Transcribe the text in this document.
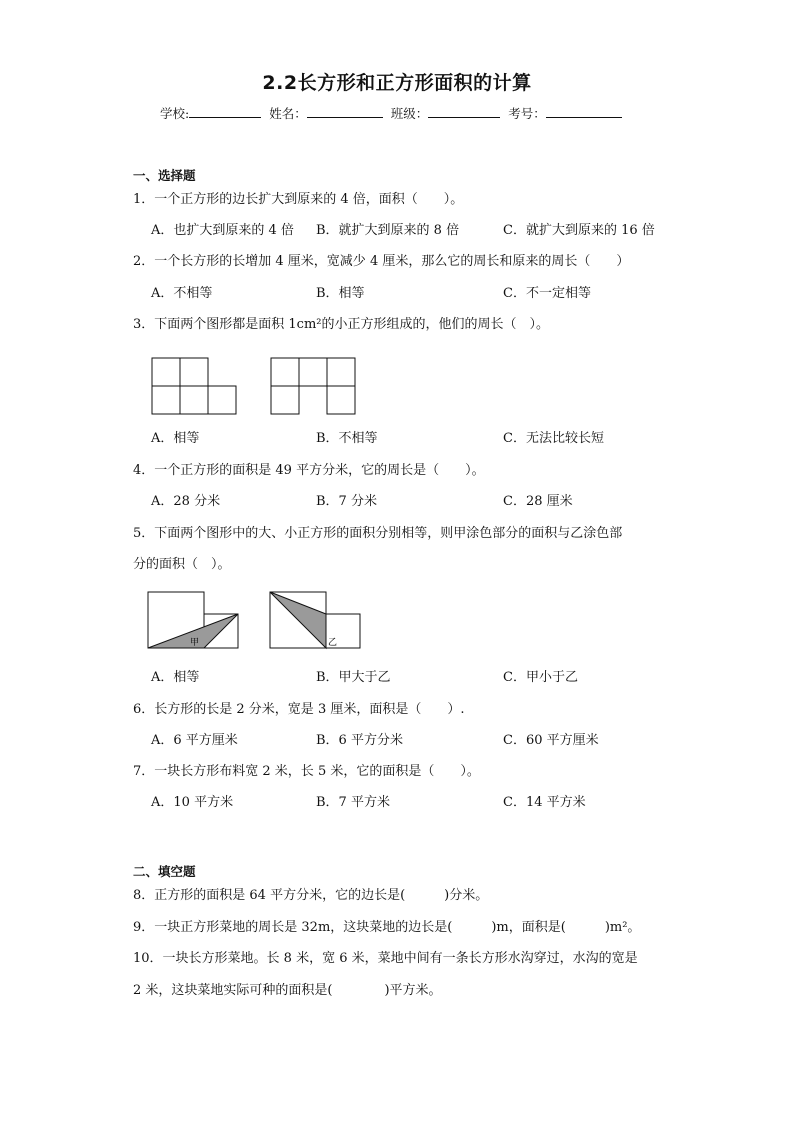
2.2长方形和正方形面积的计算
学校:	姓名：	班级：	考号：
一、选择题
1．一个正方形的边长扩大到原来的 4 倍，面积（　　）。
A．也扩大到原来的 4 倍 B．就扩大到原来的 8 倍	C．就扩大到原来的 16 倍
2．一个长方形的长增加 4 厘米，宽减少 4 厘米，那么它的周长和原来的周长（　　）
A．不相等	B．相等	C．不一定相等
3．下面两个图形都是面积 1cm²的小正方形组成的，他们的周长（　）。
A．相等	B．不相等	C．无法比较长短
4．一个正方形的面积是 49 平方分米，它的周长是（　　）。
A．28 分米	B．7 分米	C．28 厘米
5．下面两个图形中的大、小正方形的面积分别相等，则甲涂色部分的面积与乙涂色部
分的面积（　）。
甲	乙
A．相等	B．甲大于乙	C．甲小于乙
6．长方形的长是 2 分米，宽是 3 厘米，面积是（　　）.
A．6 平方厘米	B．6 平方分米	C．60 平方厘米
7．一块长方形布料宽 2 米，长 5 米，它的面积是（　　）。
A．10 平方米	B．7 平方米	C．14 平方米
二、填空题
8．正方形的面积是 64 平方分米，它的边长是(　　　)分米。
9．一块正方形菜地的周长是 32m，这块菜地的边长是(　　　)m，面积是(　　　)m²。
10．一块长方形菜地。长 8 米，宽 6 米，菜地中间有一条长方形水沟穿过，水沟的宽是
2 米，这块菜地实际可种的面积是(　　　　)平方米。
